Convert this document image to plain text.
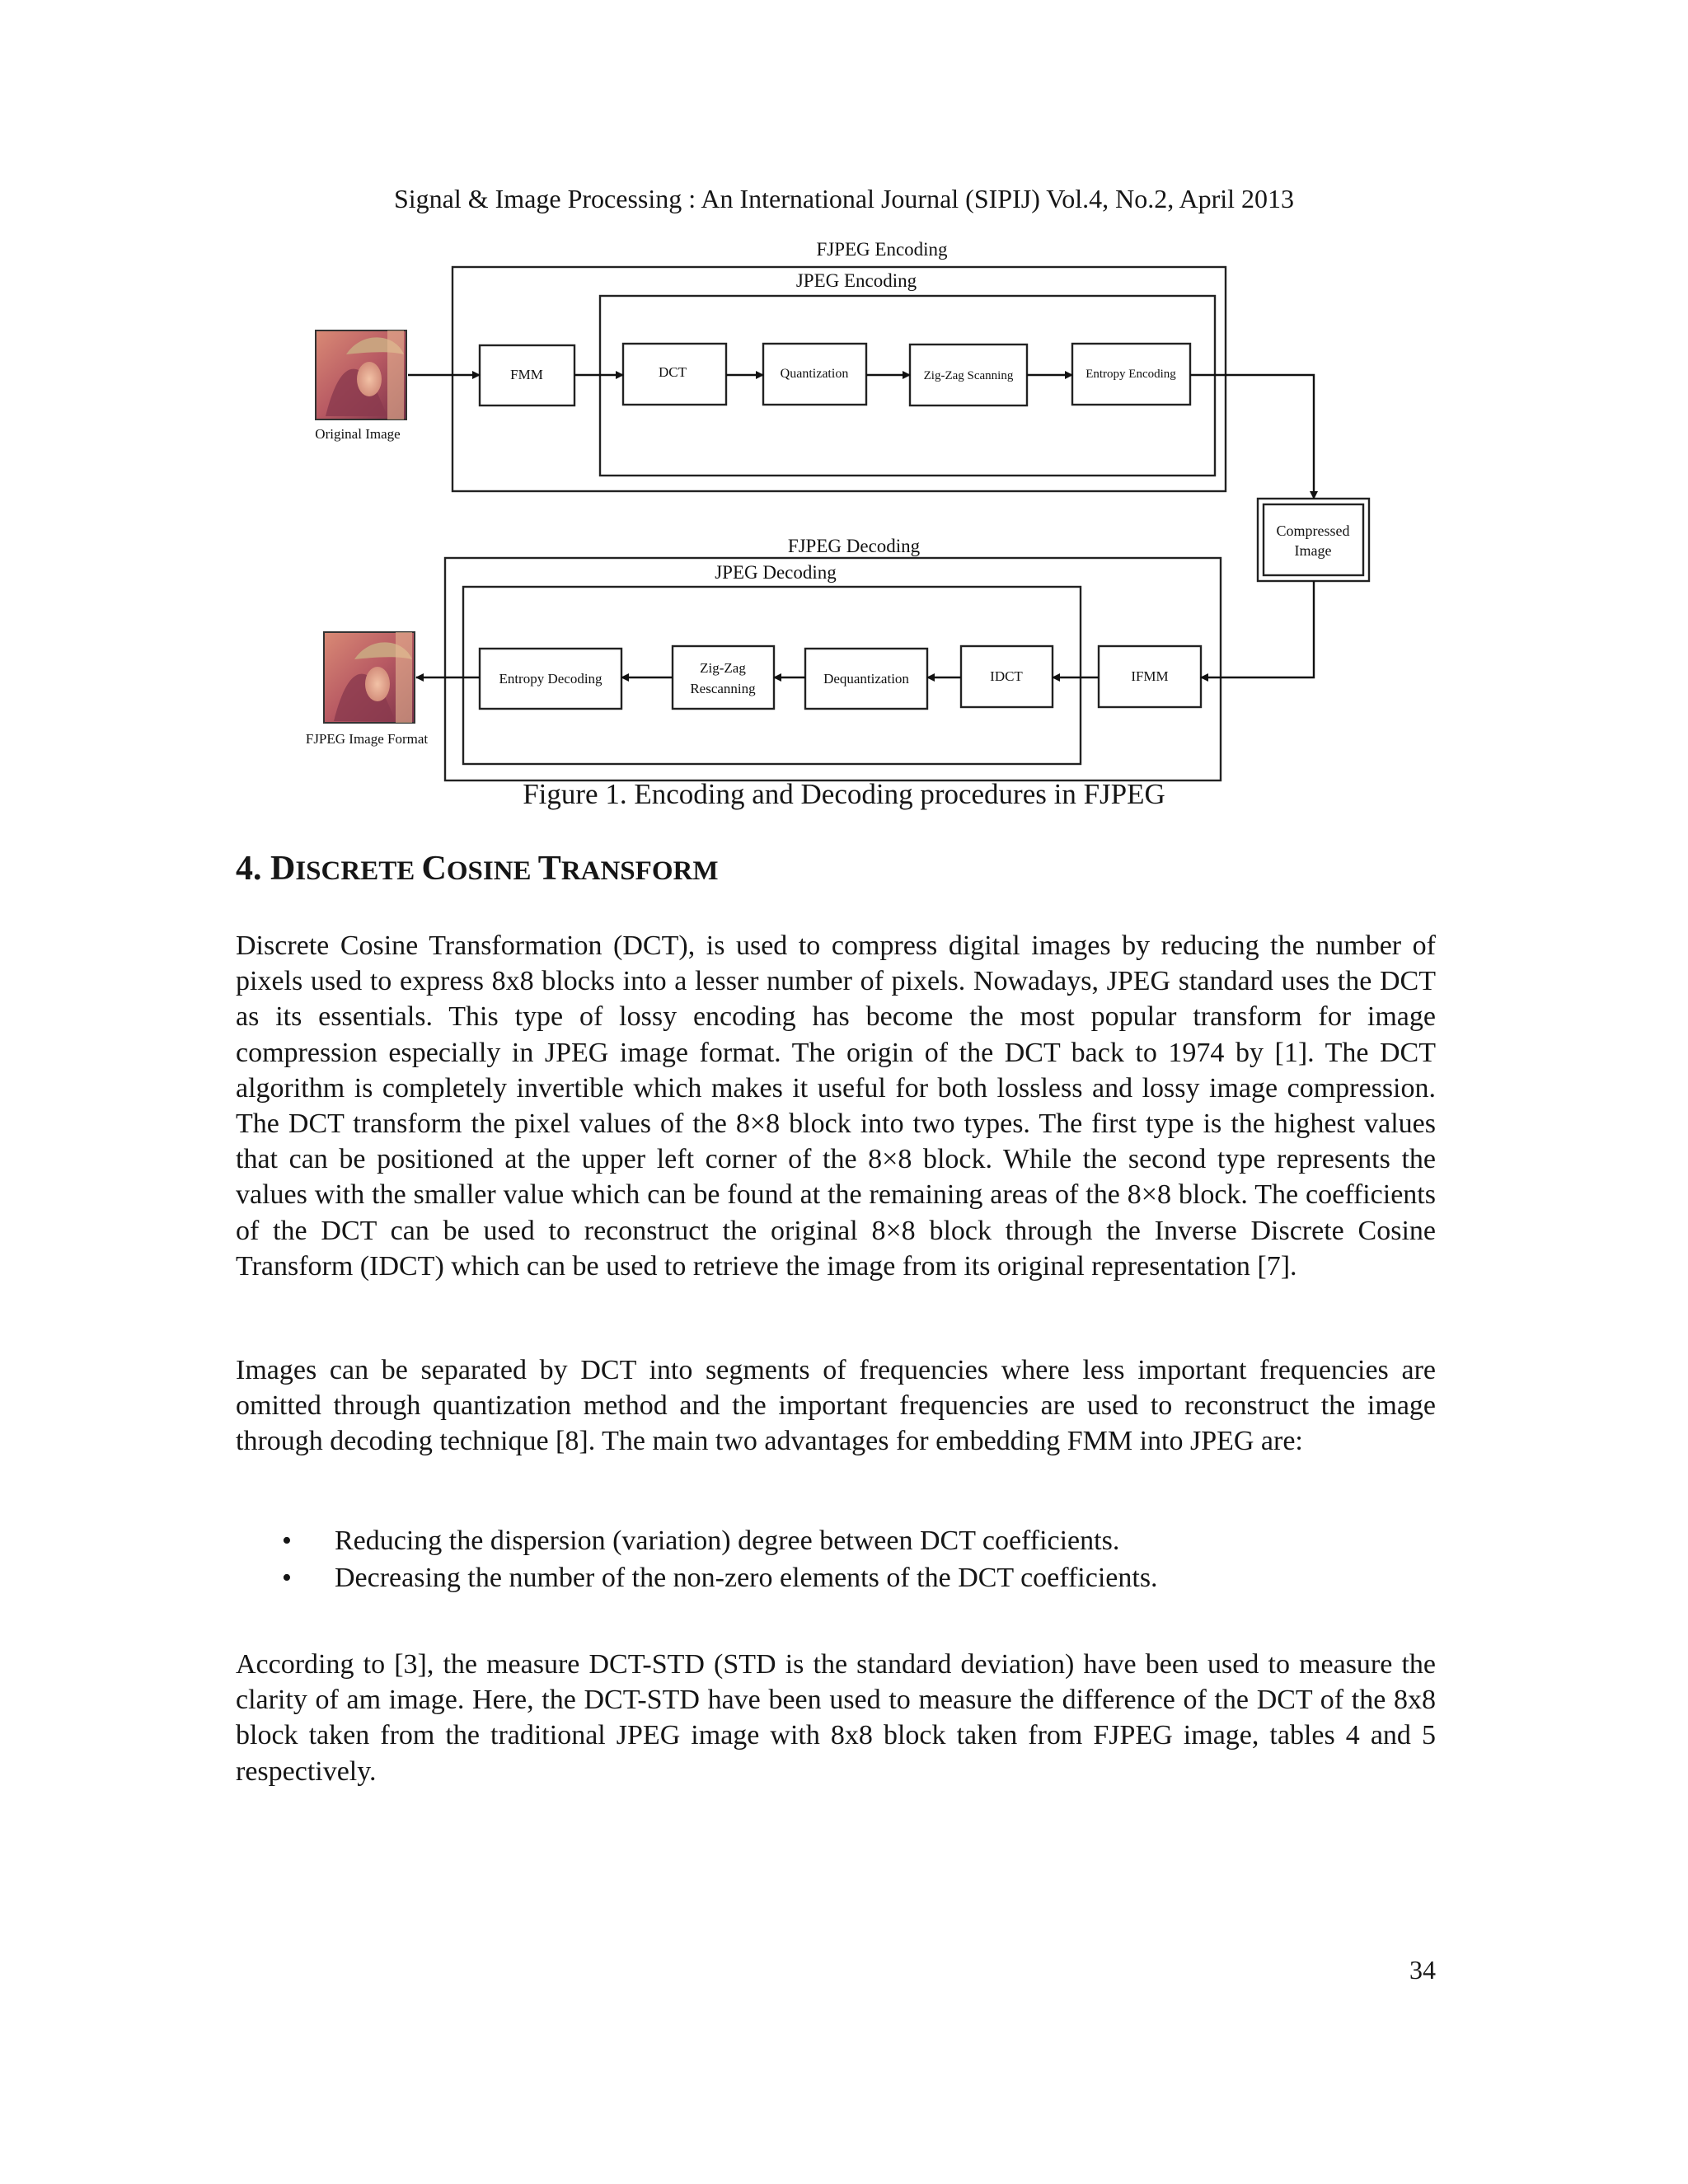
Signal & Image Processing : An International Journal (SIPIJ) Vol.4, No.2, April 2013
FJPEG Encoding
JPEG Encoding
FMM	DCT	Quantization	Zig-Zag Scanning	Entropy Encoding
Original Image
Compressed
Image
FJPEG Decoding
JPEG Decoding
Entropy Decoding
Zig-Zag
Rescanning
Dequantization	IDCT	IFMM
FJPEG Image Format
Figure 1. Encoding and Decoding procedures in FJPEG
4. DISCRETE COSINE TRANSFORM

Discrete Cosine Transformation (DCT), is used to compress digital images by reducing the number of pixels used to express 8x8 blocks into a lesser number of pixels. Nowadays, JPEG standard uses the DCT as its essentials. This type of lossy encoding has become the most popular transform for image compression especially in JPEG image format. The origin of the DCT back to 1974 by [1]. The DCT algorithm is completely invertible which makes it useful for both lossless and lossy image compression. The DCT transform the pixel values of the 8×8 block into two types. The first type is the highest values that can be positioned at the upper left corner of the 8×8 block. While the second type represents the values with the smaller value which can be found at the remaining areas of the 8×8 block. The coefficients of the DCT can be used to reconstruct the original 8×8 block through the Inverse Discrete Cosine Transform (IDCT) which can be used to retrieve the image from its original representation [7].

Images can be separated by DCT into segments of frequencies where less important frequencies are omitted through quantization method and the important frequencies are used to reconstruct the image through decoding technique [8]. The main two advantages for embedding FMM into JPEG are:

• Reducing the dispersion (variation) degree between DCT coefficients.
• Decreasing the number of the non-zero elements of the DCT coefficients.

According to [3], the measure DCT-STD (STD is the standard deviation) have been used to measure the clarity of am image. Here, the DCT-STD have been used to measure the difference of the DCT of the 8x8 block taken from the traditional JPEG image with 8x8 block taken from FJPEG image, tables 4 and 5 respectively.

34
